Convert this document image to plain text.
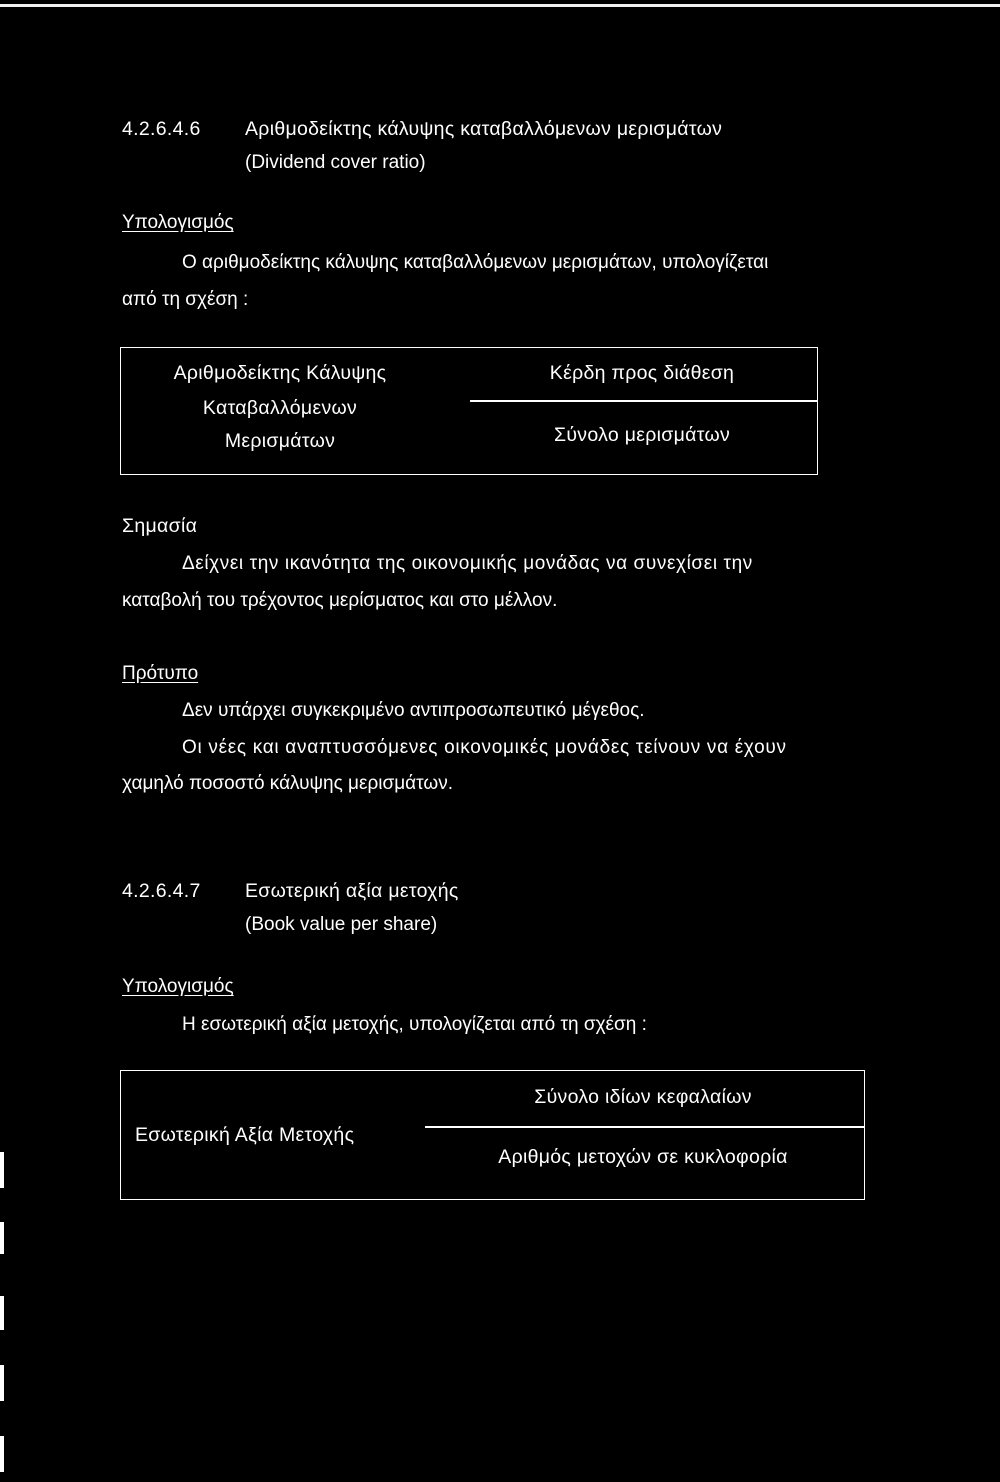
4.2.6.4.6 Αριθμοδείκτης κάλυψης καταβαλλόμενων μερισμάτων
(Dividend cover ratio)
Υπολογισμός
Ο αριθμοδείκτης κάλυψης καταβαλλόμενων μερισμάτων, υπολογίζεται
από τη σχέση :
Αριθμοδείκτης Κάλυψης
Καταβαλλόμενων
Μερισμάτων
Κέρδη προς διάθεση
Σύνολο μερισμάτων
Σημασία
Δείχνει την ικανότητα της οικονομικής μονάδας να συνεχίσει την
καταβολή του τρέχοντος μερίσματος και στο μέλλον.
Πρότυπο
Δεν υπάρχει συγκεκριμένο αντιπροσωπευτικό μέγεθος.
Οι νέες και αναπτυσσόμενες οικονομικές μονάδες τείνουν να έχουν
χαμηλό ποσοστό κάλυψης μερισμάτων.
4.2.6.4.7 Εσωτερική αξία μετοχής
(Book value per share)
Υπολογισμός
Η εσωτερική αξία μετοχής, υπολογίζεται από τη σχέση :
Εσωτερική Αξία Μετοχής
Σύνολο ιδίων κεφαλαίων
Αριθμός μετοχών σε κυκλοφορία
